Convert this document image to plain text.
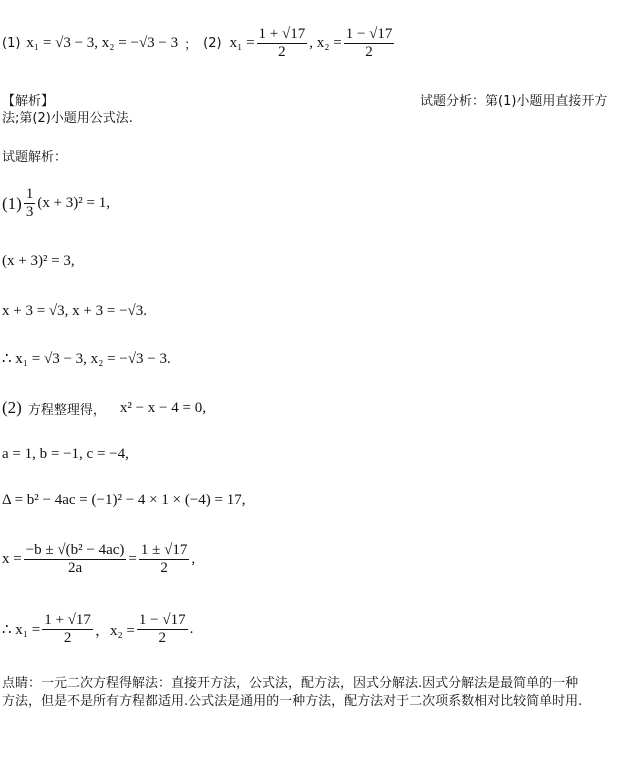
(1) x₁ = √3 − 3, x₂ = −√3 − 3 ； (2) $x_1 = \frac{1 + √17}{2}$ , $x_2 = \frac{1 - √17}{2}$
【解析】	试题分析：第(1)小题用直接开方
法;第(2)小题用公式法.
试题解析：
$(1) \frac{1}{3} (x + 3)^2 = 1$,
(x + 3)² = 3,
x + 3 = √3, x + 3 = −√3.
∴ x₁ = √3 − 3, x₂ = −√3 − 3.
(2) 方程整理得， x² − x − 4 = 0,
a = 1, b = −1, c = −4,
Δ = b² − 4ac = (−1)² − 4 × 1 × (−4) = 17,
$x = \frac{\text{−b ± √(b² − 4ac)}}{2a} = \frac{1 \pm √17}{2}$ ,
∴ $x_1 = \frac{1 + √17}{2}$ ，$x_2 = \frac{1 - √17}{2}$ .
点睛：一元二次方程得解法：直接开方法，公式法，配方法，因式分解法.因式分解法是最简单的一种
方法，但是不是所有方程都适用.公式法是通用的一种方法，配方法对于二次项系数相对比较简单时用.
